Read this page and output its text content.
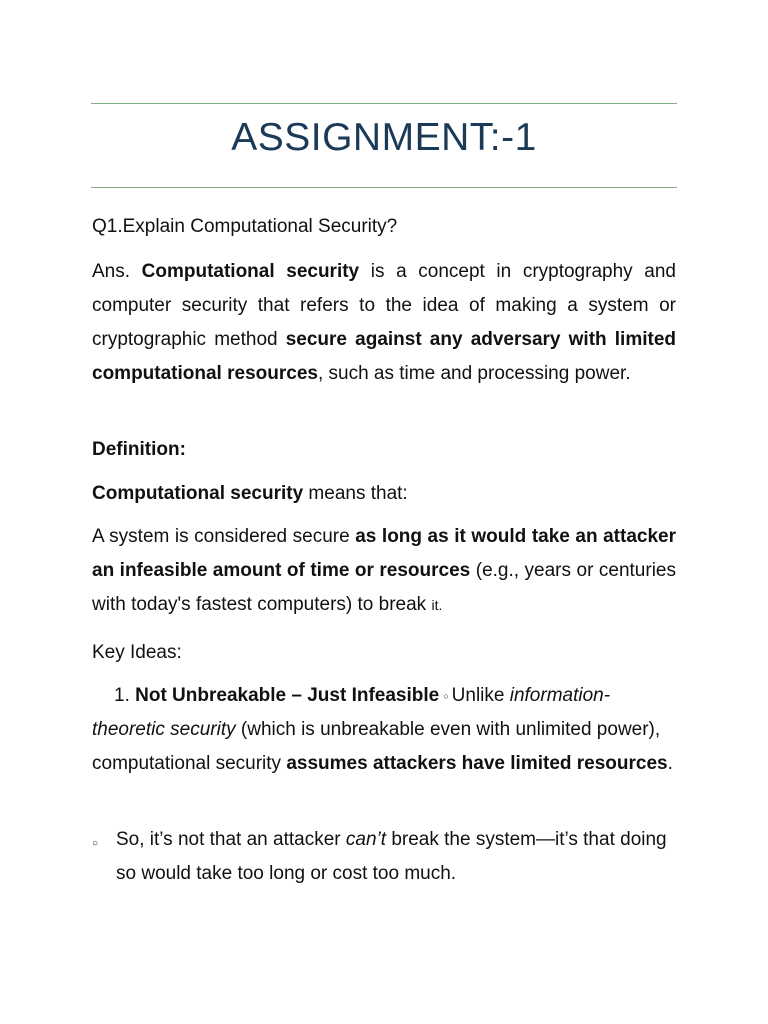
ASSIGNMENT:-1

Q1.Explain Computational Security?

Ans. Computational security is a concept in cryptography and computer security that refers to the idea of making a system or cryptographic method secure against any adversary with limited computational resources, such as time and processing power.

Definition:

Computational security means that:

A system is considered secure as long as it would take an attacker an infeasible amount of time or resources (e.g., years or centuries with today's fastest computers) to break it.

Key Ideas:

1. Not Unbreakable – Just Infeasible ○ Unlike information-theoretic security (which is unbreakable even with unlimited power), computational security assumes attackers have limited resources.

○ So, it’s not that an attacker can’t break the system—it’s that doing so would take too long or cost too much.
